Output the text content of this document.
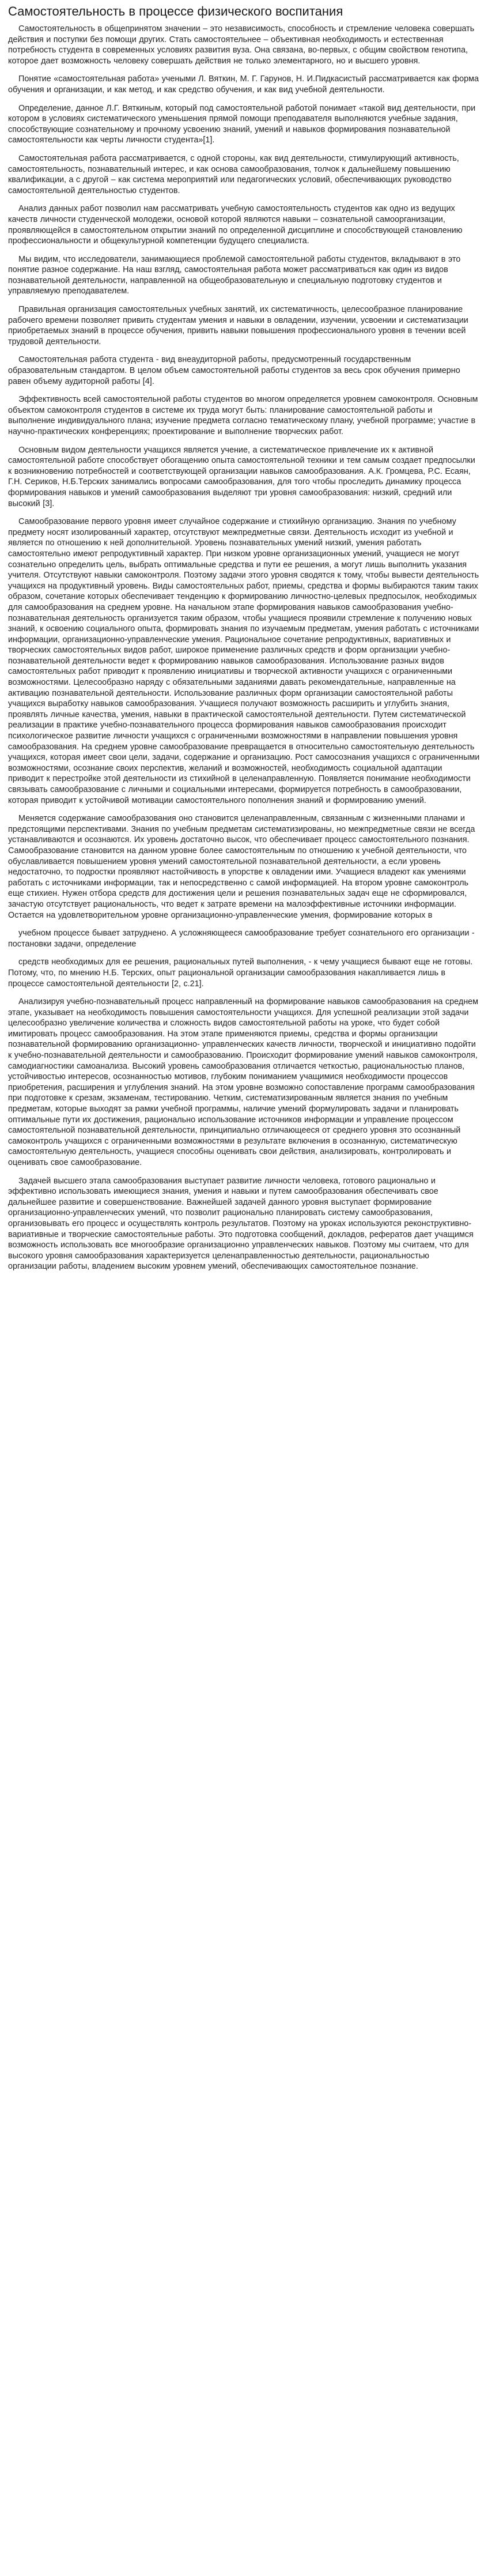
Самостоятельность в процессе физического воспитания

Самостоятельность в общепринятом значении – это независимость, способность и стремление человека совершать действия и поступки без помощи других. Стать самостоятельнее – объективная необходимость и естественная потребность студента в современных условиях развития вуза. Она связана, во-первых, с общим свойством генотипа, которое дает возможность человеку совершать действия не только элементарного, но и высшего уровня.

Понятие «самостоятельная работа» учеными Л. Вяткин, М. Г. Гарунов, Н. И.Пидкасистый рассматривается как форма обучения и организации, и как метод, и как средство обучения, и как вид учебной деятельности.

Определение, данное Л.Г. Вяткиным, который под самостоятельной работой понимает «такой вид деятельности, при котором в условиях систематического уменьшения прямой помощи преподавателя выполняются учебные задания, способствующие сознательному и прочному усвоению знаний, умений и навыков формирования познавательной самостоятельности как черты личности студента»[1].

Самостоятельная работа рассматривается, с одной стороны, как вид деятельности, стимулирующий активность, самостоятельность, познавательный интерес, и как основа самообразования, толчок к дальнейшему повышению квалификации, а с другой – как система мероприятий или педагогических условий, обеспечивающих руководство самостоятельной деятельностью студентов.

Анализ данных работ позволил нам рассматривать учебную самостоятельность студентов как одно из ведущих качеств личности студенческой молодежи, основой которой являются навыки – сознательной самоорганизации, проявляющейся в самостоятельном открытии знаний по определенной дисциплине и способствующей становлению профессиональности и общекультурной компетенции будущего специалиста.

Мы видим, что исследователи, занимающиеся проблемой самостоятельной работы студентов, вкладывают в это понятие разное содержание. На наш взгляд, самостоятельная работа может рассматриваться как один из видов познавательной деятельности, направленной на общеобразовательную и специальную подготовку студентов и управляемую преподавателем.

Правильная организация самостоятельных учебных занятий, их систематичность, целесообразное планирование рабочего времени позволяет привить студентам умения и навыки в овладении, изучении, усвоении и систематизации приобретаемых знаний в процессе обучения, привить навыки повышения профессионального уровня в течении всей трудовой деятельности.

Самостоятельная работа студента - вид внеаудиторной работы, предусмотренный государственным образовательным стандартом. В целом объем самостоятельной работы студентов за весь срок обучения примерно равен объему аудиторной работы [4].

Эффективность всей самостоятельной работы студентов во многом определяется уровнем самоконтроля. Основным объектом самоконтроля студентов в системе их труда могут быть: планирование самостоятельной работы и выполнение индивидуального плана; изучение предмета согласно тематическому плану, учебной программе; участие в научно-практических конференциях; проектирование и выполнение творческих работ.

Основным видом деятельности учащихся является учение, а систематическое привлечение их к активной самостоятельной работе способствует обогащению опыта самостоятельной техники и тем самым создает предпосылки к возникновению потребностей и соответствующей организации навыков самообразования. А.К. Громцева, Р.С. Есаян, Г.Н. Сериков, Н.Б.Терских занимались вопросами самообразования, для того чтобы проследить динамику процесса формирования навыков и умений самообразования выделяют три уровня самообразования: низкий, средний или высокий [3].

Самообразование первого уровня имеет случайное содержание и стихийную организацию. Знания по учебному предмету носят изолированный характер, отсутствуют межпредметные связи. Деятельность исходит из учебной и является по отношению к ней дополнительной. Уровень познавательных умений низкий, умения работать самостоятельно имеют репродуктивный характер. При низком уровне организационных умений, учащиеся не могут сознательно определить цель, выбрать оптимальные средства и пути ее решения, а могут лишь выполнить указания учителя. Отсутствуют навыки самоконтроля. Поэтому задачи этого уровня сводятся к тому, чтобы вывести деятельность учащихся на продуктивный уровень. Виды самостоятельных работ, приемы, средства и формы выбираются таким таких образом, сочетание которых обеспечивает тенденцию к формированию личностно-целевых предпосылок, необходимых для самообразования на среднем уровне. На начальном этапе формирования навыков самообразования учебно- познавательная деятельность организуется таким образом, чтобы учащиеся проявили стремление к получению новых знаний, к освоению социального опыта, формировать знания по изучаемым предметам, умения работать с источниками информации, организационно-управленческие умения. Рациональное сочетание репродуктивных, вариативных и творческих самостоятельных видов работ, широкое применение различных средств и форм организации учебно-познавательной деятельности ведет к формированию навыков самообразования. Использование разных видов самостоятельных работ приводит к проявлению инициативы и творческой активности учащихся с ограниченными возможностями. Целесообразно наряду с обязательными заданиями давать рекомендательные, направленные на активацию познавательной деятельности. Использование различных форм организации самостоятельной работы учащихся выработку навыков самообразования. Учащиеся получают возможность расширить и углубить знания, проявлять личные качества, умения, навыки в практической самостоятельной деятельности. Путем систематической реализации в практике учебно-познавательного процесса формирования навыков самообразования происходит психологическое развитие личности учащихся с ограниченными возможностями в направлении повышения уровня самообразования. На среднем уровне самообразование превращается в относительно самостоятельную деятельность учащихся, которая имеет свои цели, задачи, содержание и организацию. Рост самосознания учащихся с ограниченными возможностями, осознание своих перспектив, желаний и возможностей, необходимость социальной адаптации приводит к перестройке этой деятельности из стихийной в целенаправленную. Появляется понимание необходимости связывать самообразование с личными и социальными интересами, формируется потребность в самообразовании, которая приводит к устойчивой мотивации самостоятельного пополнения знаний и формированию умений.

Меняется содержание самообразования оно становится целенаправленным, связанным с жизненными планами и предстоящими перспективами. Знания по учебным предметам систематизированы, но межпредметные связи не всегда устанавливаются и осознаются. Их уровень достаточно высок, что обеспечивает процесс самостоятельного познания. Самообразование становится на данном уровне более самостоятельным по отношению к учебной деятельности, что обуславливается повышением уровня умений самостоятельной познавательной деятельности, а если уровень недостаточно, то подростки проявляют настойчивость в упорстве к овладении ими. Учащиеся владеют как умениями работать с источниками информации, так и непосредственно с самой информацией. На втором уровне самоконтроль еще стихиен. Нужен отбора средств для достижения цели и решения познавательных задач еще не сформировался, зачастую отсутствует рациональность, что ведет к затрате времени на малоэффективные источники информации. Остается на удовлетворительном уровне организационно-управленческие умения, формирование которых в

учебном процессе бывает затруднено. А усложняющееся самообразование требует сознательного его организации - постановки задачи, определение

средств необходимых для ее решения, рациональных путей выполнения, - к чему учащиеся бывают еще не готовы. Потому, что, по мнению Н.Б. Терских, опыт рациональной организации самообразования накапливается лишь в процессе самостоятельной деятельности [2, с.21].

Анализируя учебно-познавательный процесс направленный на формирование навыков самообразования на среднем этапе, указывает на необходимость повышения самостоятельности учащихся. Для успешной реализации этой задачи целесообразно увеличение количества и сложность видов самостоятельной работы на уроке, что будет собой имитировать процесс самообразования. На этом этапе применяются приемы, средства и формы организации познавательной формированию организационно- управленческих качеств личности, творческой и инициативно подойти к учебно-познавательной деятельности и самообразованию. Происходит формирование умений навыков самоконтроля, самодиагностики самоанализа. Высокий уровень самообразования отличается четкостью, рациональностью планов, устойчивостью интересов, осознанностью мотивов, глубоким пониманием учащимися необходимости процессов приобретения, расширения и углубления знаний. На этом уровне возможно сопоставление программ самообразования при подготовке к срезам, экзаменам, тестированию. Четким, систематизированным является знания по учебным предметам, которые выходят за рамки учебной программы, наличие умений формулировать задачи и планировать оптимальные пути их достижения, рационально использование источников информации и управление процессом самостоятельной познавательной деятельности, принципиально отличающееся от среднего уровня это осознанный самоконтроль учащихся с ограниченными возможностями в результате включения в осознанную, систематическую самостоятельную деятельность, учащиеся способны оценивать свои действия, анализировать, контролировать и оценивать свое самообразование.

Задачей высшего этапа самообразования выступает развитие личности человека, готового рационально и эффективно использовать имеющиеся знания, умения и навыки и путем самообразования обеспечивать свое дальнейшее развитие и совершенствование. Важнейшей задачей данного уровня выступает формирование организационно-управленческих умений, что позволит рационально планировать систему самообразования, организовывать его процесс и осуществлять контроль результатов. Поэтому на уроках используются реконструктивно-вариативные и творческие самостоятельные работы. Это подготовка сообщений, докладов, рефератов дает учащимся возможность использовать все многообразие организационно управленческих навыков. Поэтому мы считаем, что для высокого уровня самообразования характеризуется целенаправленностью деятельности, рациональностью организации работы, владением высоким уровнем умений, обеспечивающих самостоятельное познание.
